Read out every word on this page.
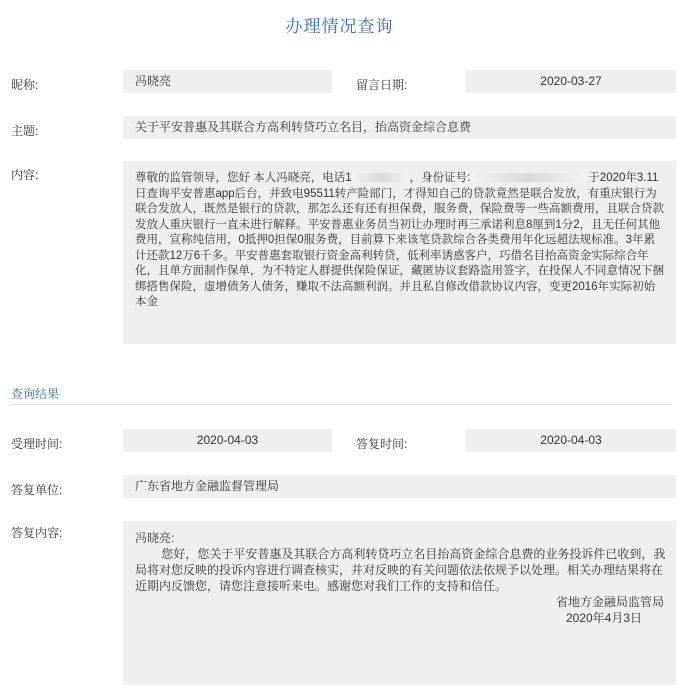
办理情况查询
昵称:	冯晓亮	留言日期:	2020-03-27
主题:	关于平安普惠及其联合方高利转贷巧立名目，抬高资金综合息费
内容:	尊敬的监管领导，您好 本人冯晓亮，电话1	，身份证号:	于2020年3.11日查询平安普惠app后台，并致电95511转产险部门，才得知自己的贷款竟然是联合发放，有重庆银行为联合发放人，既然是银行的贷款，那怎么还有还有担保费，服务费，保险费等一些高额费用，且联合贷款发放人重庆银行一直未进行解释。平安普惠业务员当初让办理时再三承诺利息8厘到1分2，且无任何其他费用，宣称纯信用，0抵押0担保0服务费，目前算下来该笔贷款综合各类费用年化远超法规标准。3年累计还款12万6千多。平安普惠套取银行资金高利转贷，低利率诱惑客户，巧借名目抬高资金实际综合年化，且单方面制作保单，为不特定人群提供保险保证，藏匿协议套路盗用签字，在投保人不同意情况下捆绑搭售保险，虚增债务人债务，赚取不法高额利润。并且私自修改借款协议内容，变更2016年实际初始本金
查询结果
受理时间:	2020-04-03	答复时间:	2020-04-03
答复单位:	广东省地方金融监督管理局
答复内容:	冯晓亮:
您好，您关于平安普惠及其联合方高利转贷巧立名目抬高资金综合息费的业务投诉件已收到，我局将对您反映的投诉内容进行调查核实，并对反映的有关问题依法依规予以处理。相关办理结果将在近期内反馈您，请您注意接听来电。感谢您对我们工作的支持和信任。
省地方金融局监管局
2020年4月3日
